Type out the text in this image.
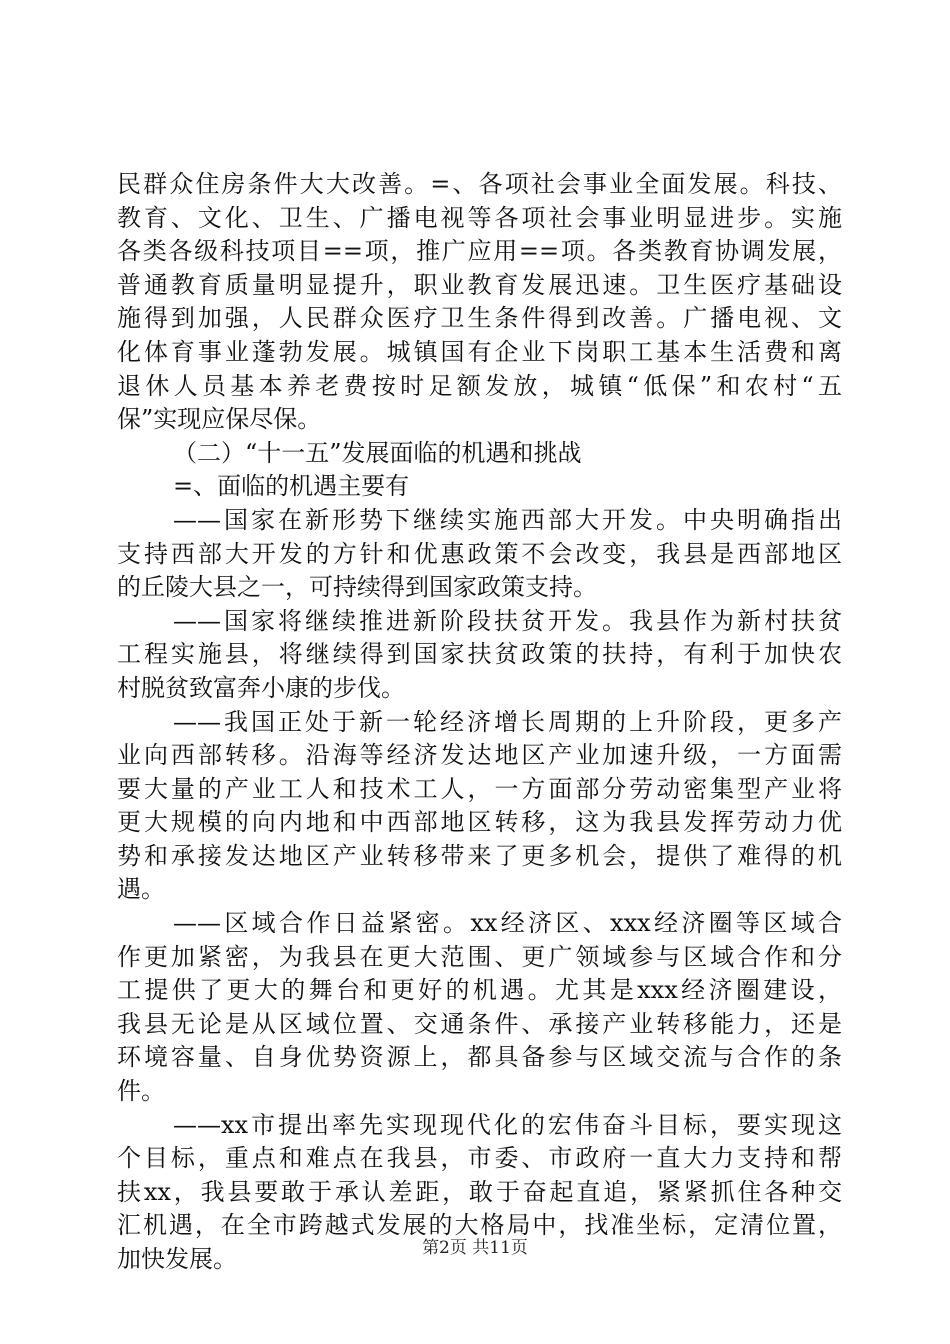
民群众住房条件大大改善。=、各项社会事业全面发展。科技、
教育、文化、卫生、广播电视等各项社会事业明显进步。实施
各类各级科技项目==项，推广应用==项。各类教育协调发展，
普通教育质量明显提升，职业教育发展迅速。卫生医疗基础设
施得到加强，人民群众医疗卫生条件得到改善。广播电视、文
化体育事业蓬勃发展。城镇国有企业下岗职工基本生活费和离
退休人员基本养老费按时足额发放，城镇“低保”和农村“五
保”实现应保尽保。
（二）“十一五”发展面临的机遇和挑战
=、面临的机遇主要有
——国家在新形势下继续实施西部大开发。中央明确指出
支持西部大开发的方针和优惠政策不会改变，我县是西部地区
的丘陵大县之一，可持续得到国家政策支持。
——国家将继续推进新阶段扶贫开发。我县作为新村扶贫
工程实施县，将继续得到国家扶贫政策的扶持，有利于加快农
村脱贫致富奔小康的步伐。
——我国正处于新一轮经济增长周期的上升阶段，更多产
业向西部转移。沿海等经济发达地区产业加速升级，一方面需
要大量的产业工人和技术工人，一方面部分劳动密集型产业将
更大规模的向内地和中西部地区转移，这为我县发挥劳动力优
势和承接发达地区产业转移带来了更多机会，提供了难得的机
遇。
——区域合作日益紧密。xx经济区、xxx经济圈等区域合
作更加紧密，为我县在更大范围、更广领域参与区域合作和分
工提供了更大的舞台和更好的机遇。尤其是xxx经济圈建设，
我县无论是从区域位置、交通条件、承接产业转移能力，还是
环境容量、自身优势资源上，都具备参与区域交流与合作的条
件。
——xx市提出率先实现现代化的宏伟奋斗目标，要实现这
个目标，重点和难点在我县，市委、市政府一直大力支持和帮
扶xx，我县要敢于承认差距，敢于奋起直追，紧紧抓住各种交
汇机遇，在全市跨越式发展的大格局中，找准坐标，定清位置，
加快发展。	第2页 共11页
